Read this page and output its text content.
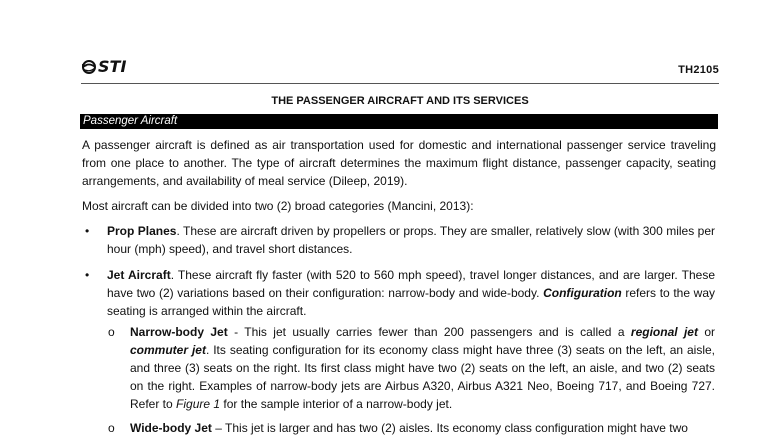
STI	TH2105
THE PASSENGER AIRCRAFT AND ITS SERVICES
Passenger Aircraft

A passenger aircraft is defined as air transportation used for domestic and international passenger service traveling from one place to another. The type of aircraft determines the maximum flight distance, passenger capacity, seating arrangements, and availability of meal service (Dileep, 2019).

Most aircraft can be divided into two (2) broad categories (Mancini, 2013):

• Prop Planes. These are aircraft driven by propellers or props. They are smaller, relatively slow (with 300 miles per hour (mph) speed), and travel short distances.

• Jet Aircraft. These aircraft fly faster (with 520 to 560 mph speed), travel longer distances, and are larger. These have two (2) variations based on their configuration: narrow-body and wide-body. Configuration refers to the way seating is arranged within the aircraft.

o Narrow-body Jet - This jet usually carries fewer than 200 passengers and is called a regional jet or commuter jet. Its seating configuration for its economy class might have three (3) seats on the left, an aisle, and three (3) seats on the right. Its first class might have two (2) seats on the left, an aisle, and two (2) seats on the right. Examples of narrow-body jets are Airbus A320, Airbus A321 Neo, Boeing 717, and Boeing 727. Refer to Figure 1 for the sample interior of a narrow-body jet.

o Wide-body Jet – This jet is larger and has two (2) aisles. Its economy class configuration might have two
